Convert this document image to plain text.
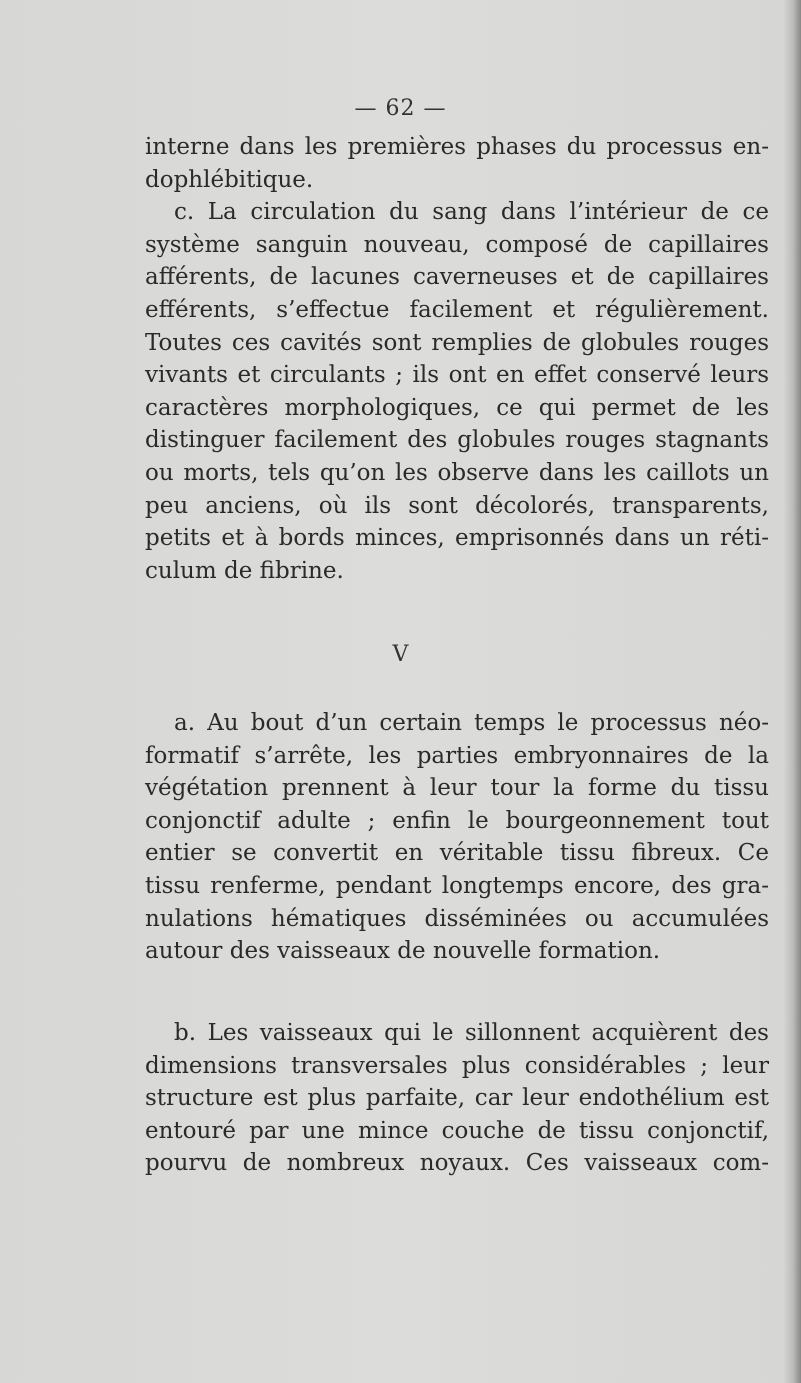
— 62 —
interne dans les premières phases du processus en-
dophlébitique.
c. La circulation du sang dans l’intérieur de ce
système sanguin nouveau, composé de capillaires
afférents, de lacunes caverneuses et de capillaires
efférents, s’effectue facilement et régulièrement.
Toutes ces cavités sont remplies de globules rouges
vivants et circulants ; ils ont en effet conservé leurs
caractères morphologiques, ce qui permet de les
distinguer facilement des globules rouges stagnants
ou morts, tels qu’on les observe dans les caillots un
peu anciens, où ils sont décolorés, transparents,
petits et à bords minces, emprisonnés dans un réti-
culum de fibrine.
V
a. Au bout d’un certain temps le processus néo-
formatif s’arrête, les parties embryonnaires de la
végétation prennent à leur tour la forme du tissu
conjonctif adulte ; enfin le bourgeonnement tout
entier se convertit en véritable tissu fibreux. Ce
tissu renferme, pendant longtemps encore, des gra-
nulations hématiques disséminées ou accumulées
autour des vaisseaux de nouvelle formation.
b. Les vaisseaux qui le sillonnent acquièrent des
dimensions transversales plus considérables ; leur
structure est plus parfaite, car leur endothélium est
entouré par une mince couche de tissu conjonctif,
pourvu de nombreux noyaux. Ces vaisseaux com-
